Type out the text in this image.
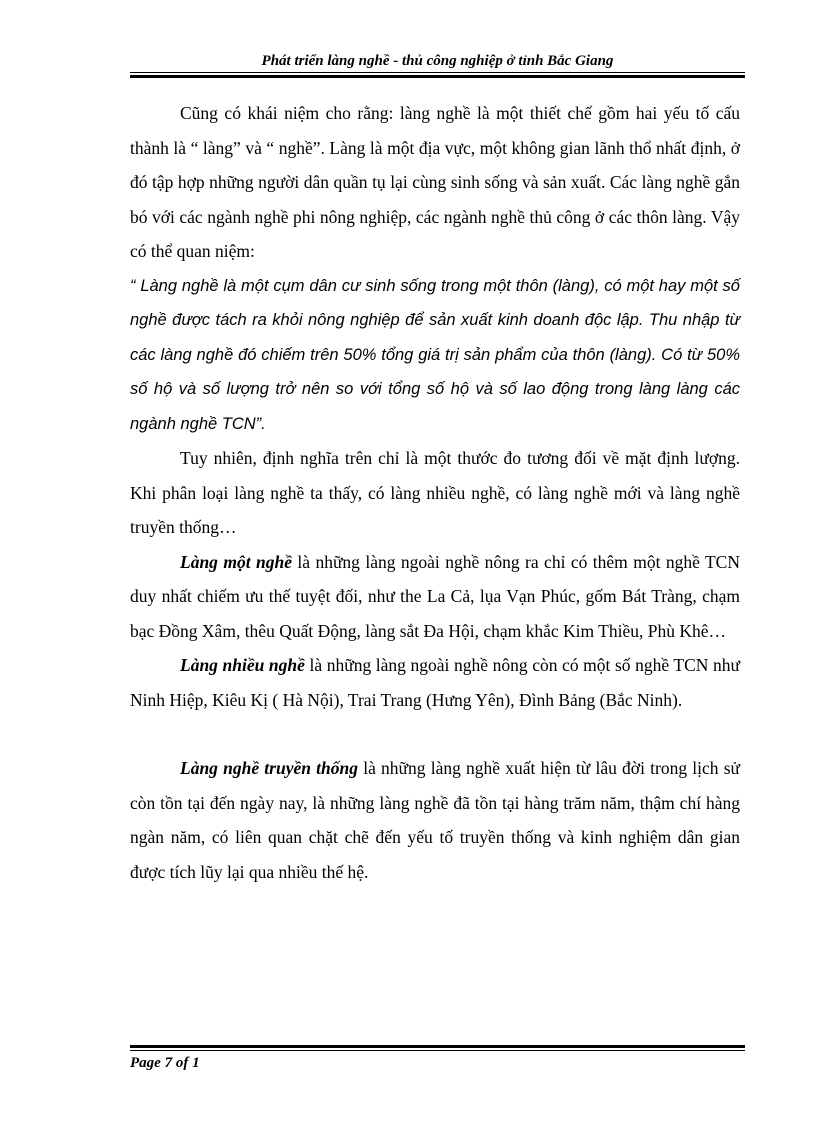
Phát triển làng nghề - thủ công nghiệp ở tỉnh Bắc Giang

Cũng có khái niệm cho rằng: làng nghề là một thiết chế gồm hai yếu tố cấu thành là “ làng” và “ nghề”. Làng là một địa vực, một không gian lãnh thổ nhất định, ở đó tập hợp những người dân quần tụ lại cùng sinh sống và sản xuất. Các làng nghề gắn bó với các ngành nghề phi nông nghiệp, các ngành nghề thủ công ở các thôn làng. Vậy có thể quan niệm:

“ Làng nghề là một cụm dân cư sinh sống trong một thôn (làng), có một hay một số nghề được tách ra khỏi nông nghiệp để sản xuất kinh doanh độc lập. Thu nhập từ các làng nghề đó chiếm trên 50% tổng giá trị sản phẩm của thôn (làng). Có từ 50% số hộ và số lượng trở nên so với tổng số hộ và số lao động trong làng làng các ngành nghề TCN”.

Tuy nhiên, định nghĩa trên chỉ là một thước đo tương đối về mặt định lượng. Khi phân loại làng nghề ta thấy, có làng nhiều nghề, có làng nghề mới và làng nghề truyền thống…

Làng một nghề là những làng ngoài nghề nông ra chỉ có thêm một nghề TCN duy nhất chiếm ưu thế tuyệt đối, như the La Cả, lụa Vạn Phúc, gốm Bát Tràng, chạm bạc Đồng Xâm, thêu Quất Động, làng sắt Đa Hội, chạm khắc Kim Thiều, Phù Khê…

Làng nhiều nghề là những làng ngoài nghề nông còn có một số nghề TCN như Ninh Hiệp, Kiêu Kị ( Hà Nội), Trai Trang (Hưng Yên), Đình Bảng (Bắc Ninh).

Làng nghề truyền thống là những làng nghề xuất hiện từ lâu đời trong lịch sử còn tồn tại đến ngày nay, là những làng nghề đã tồn tại hàng trăm năm, thậm chí hàng ngàn năm, có liên quan chặt chẽ đến yếu tố truyền thống và kinh nghiệm dân gian được tích lũy lại qua nhiều thế hệ.

Page 7 of 1
